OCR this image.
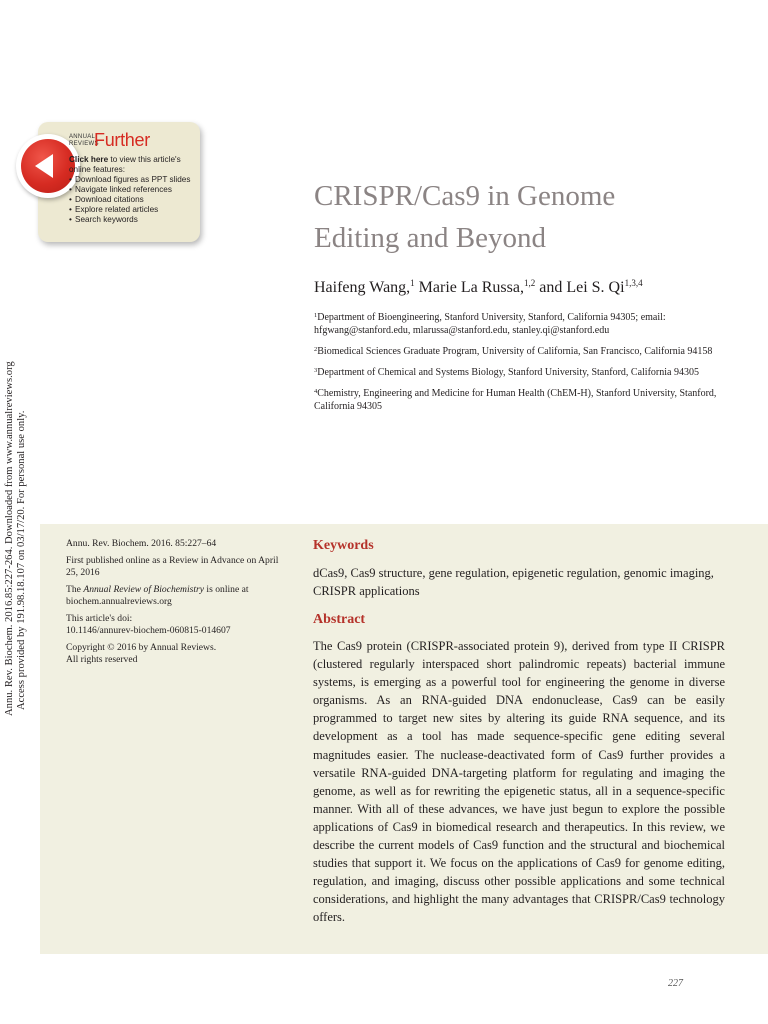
ANNUAL
REVIEWS
Further
Click here to view this article's online features:
• Download figures as PPT slides
• Navigate linked references
• Download citations
• Explore related articles
• Search keywords
CRISPR/Cas9 in Genome
Editing and Beyond
Haifeng Wang,$^1$ Marie La Russa,$^{1,2}$ and Lei S. Qi$^{1,3,4}$
$^1$Department of Bioengineering, Stanford University, Stanford, California 94305; email: hfgwang@stanford.edu, mlarussa@stanford.edu, stanley.qi@stanford.edu
$^2$Biomedical Sciences Graduate Program, University of California, San Francisco, California 94158
$^3$Department of Chemical and Systems Biology, Stanford University, Stanford, California 94305
$^4$Chemistry, Engineering and Medicine for Human Health (ChEM-H), Stanford University, Stanford, California 94305
Annu. Rev. Biochem. 2016.85:227-264. Downloaded from www.annualreviews.org Access provided by 191.98.18.107 on 03/17/20. For personal use only.	Annu. Rev. Biochem. 2016. 85:227–64

First published online as a Review in Advance on April 25, 2016

The Annual Review of Biochemistry is online at biochem.annualreviews.org

This article's doi:
10.1146/annurev-biochem-060815-014607

Copyright © 2016 by Annual Reviews.
All rights reserved

Keywords
dCas9, Cas9 structure, gene regulation, epigenetic regulation, genomic imaging, CRISPR applications
Abstract
The Cas9 protein (CRISPR-associated protein 9), derived from type II CRISPR (clustered regularly interspaced short palindromic repeats) bacterial immune systems, is emerging as a powerful tool for engineering the genome in diverse organisms. As an RNA-guided DNA endonuclease, Cas9 can be easily programmed to target new sites by altering its guide RNA sequence, and its development as a tool has made sequence-specific gene editing several magnitudes easier. The nuclease-deactivated form of Cas9 further provides a versatile RNA-guided DNA-targeting platform for regulating and imaging the genome, as well as for rewriting the epigenetic status, all in a sequence-specific manner. With all of these advances, we have just begun to explore the possible applications of Cas9 in biomedical research and therapeutics. In this review, we describe the current models of Cas9 function and the structural and biochemical studies that support it. We focus on the applications of Cas9 for genome editing, regulation, and imaging, discuss other possible applications and some technical considerations, and highlight the many advantages that CRISPR/Cas9 technology offers.
227
